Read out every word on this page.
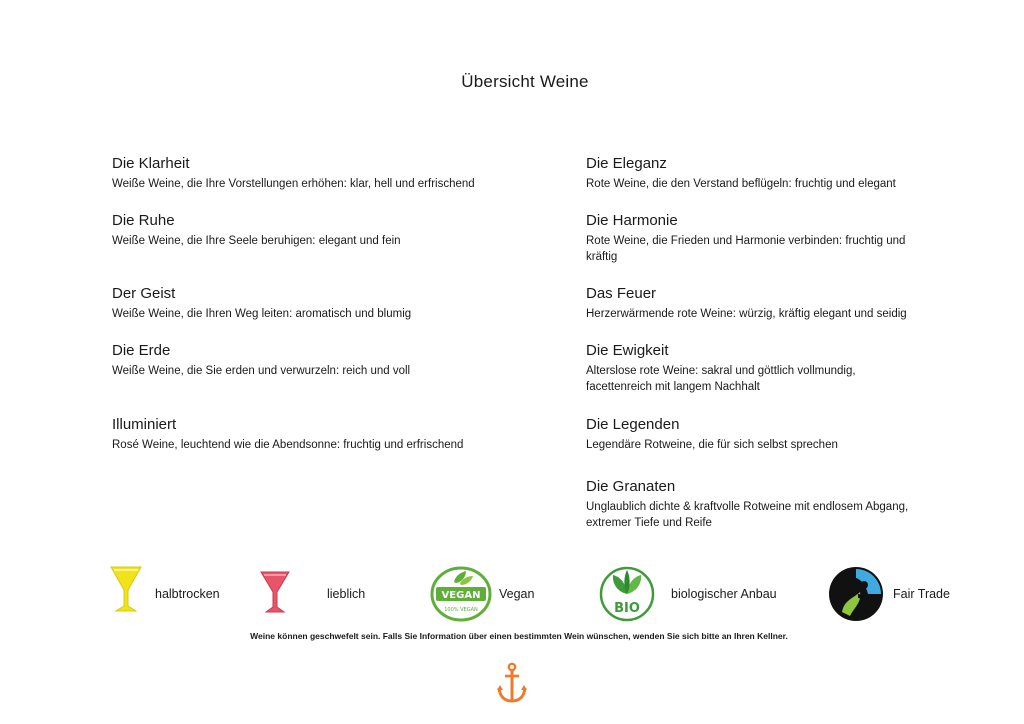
Übersicht Weine

Die Klarheit

Weiße Weine, die Ihre Vorstellungen erhöhen: klar, hell und erfrischend

Die Ruhe

Weiße Weine, die Ihre Seele beruhigen: elegant und fein

Der Geist

Weiße Weine, die Ihren Weg leiten: aromatisch und blumig

Die Erde

Weiße Weine, die Sie erden und verwurzeln: reich und voll

Illuminiert

Rosé Weine, leuchtend wie die Abendsonne: fruchtig und erfrischend

Die Eleganz

Rote Weine, die den Verstand beflügeln: fruchtig und elegant

Die Harmonie

Rote Weine, die Frieden und Harmonie verbinden: fruchtig und kräftig

Das Feuer

Herzerwärmende rote Weine: würzig, kräftig elegant und seidig

Die Ewigkeit

Alterslose rote Weine: sakral und göttlich vollmundig, facettenreich mit langem Nachhalt

Die Legenden

Legendäre Rotweine, die für sich selbst sprechen

Die Granaten

Unglaublich dichte & kraftvolle Rotweine mit endlosem Abgang, extremer Tiefe und Reife

halbtrocken	lieblich	VEGAN
100% VEGAN
Vegan
BIO
biologischer Anbau	Fair Trade
Weine können geschwefelt sein. Falls Sie Information über einen bestimmten Wein wünschen, wenden Sie sich bitte an Ihren Kellner.
